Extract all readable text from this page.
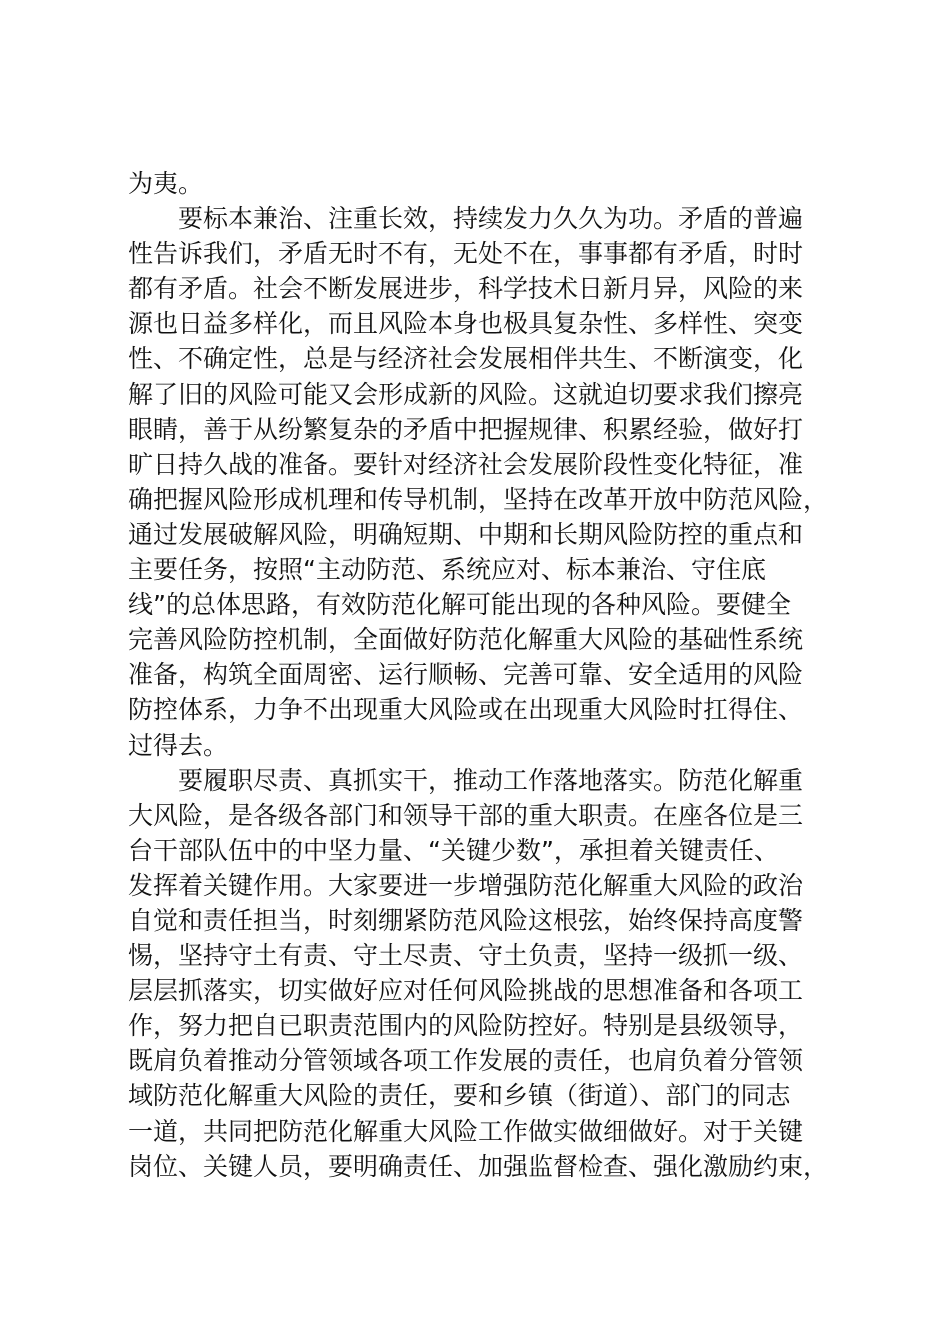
为夷。
要标本兼治、注重长效，持续发力久久为功。矛盾的普遍
性告诉我们，矛盾无时不有，无处不在，事事都有矛盾，时时
都有矛盾。社会不断发展进步，科学技术日新月异，风险的来
源也日益多样化，而且风险本身也极具复杂性、多样性、突变
性、不确定性，总是与经济社会发展相伴共生、不断演变，化
解了旧的风险可能又会形成新的风险。这就迫切要求我们擦亮
眼睛，善于从纷繁复杂的矛盾中把握规律、积累经验，做好打
旷日持久战的准备。要针对经济社会发展阶段性变化特征，准
确把握风险形成机理和传导机制，坚持在改革开放中防范风险，
通过发展破解风险，明确短期、中期和长期风险防控的重点和
主要任务，按照“主动防范、系统应对、标本兼治、守住底
线”的总体思路，有效防范化解可能出现的各种风险。要健全
完善风险防控机制，全面做好防范化解重大风险的基础性系统
准备，构筑全面周密、运行顺畅、完善可靠、安全适用的风险
防控体系，力争不出现重大风险或在出现重大风险时扛得住、
过得去。
要履职尽责、真抓实干，推动工作落地落实。防范化解重
大风险，是各级各部门和领导干部的重大职责。在座各位是三
台干部队伍中的中坚力量、“关键少数”，承担着关键责任、
发挥着关键作用。大家要进一步增强防范化解重大风险的政治
自觉和责任担当，时刻绷紧防范风险这根弦，始终保持高度警
惕，坚持守土有责、守土尽责、守土负责，坚持一级抓一级、
层层抓落实，切实做好应对任何风险挑战的思想准备和各项工
作，努力把自已职责范围内的风险防控好。特别是县级领导，
既肩负着推动分管领域各项工作发展的责任，也肩负着分管领
域防范化解重大风险的责任，要和乡镇（街道）、部门的同志
一道，共同把防范化解重大风险工作做实做细做好。对于关键
岗位、关键人员，要明确责任、加强监督检查、强化激励约束，
